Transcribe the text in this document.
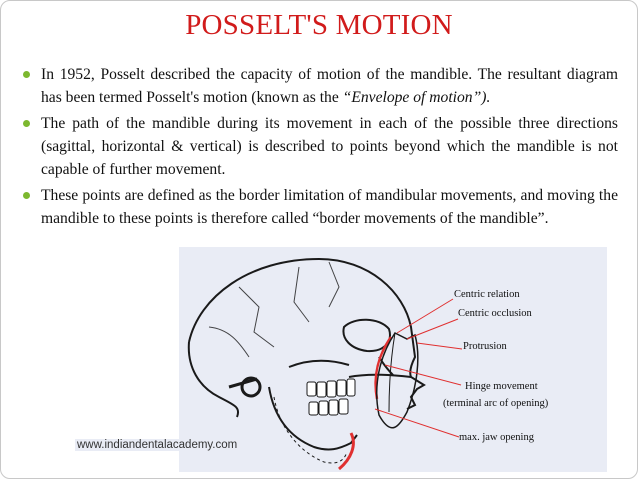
POSSELT'S MOTION
In 1952, Posselt described the capacity of motion of the mandible. The resultant diagram has been termed Posselt's motion (known as the “Envelope of motion”).
The path of the mandible during its movement in each of the possible three directions (sagittal, horizontal & vertical) is described to points beyond which the mandible is not capable of further movement.
These points are defined as the border limitation of mandibular movements, and moving the mandible to these points is therefore called “border movements of the mandible”.
Centric relation
Centric occlusion
Protrusion
Hinge movement
(terminal arc of opening)
max. jaw opening
www.indiandentalacademy.com
